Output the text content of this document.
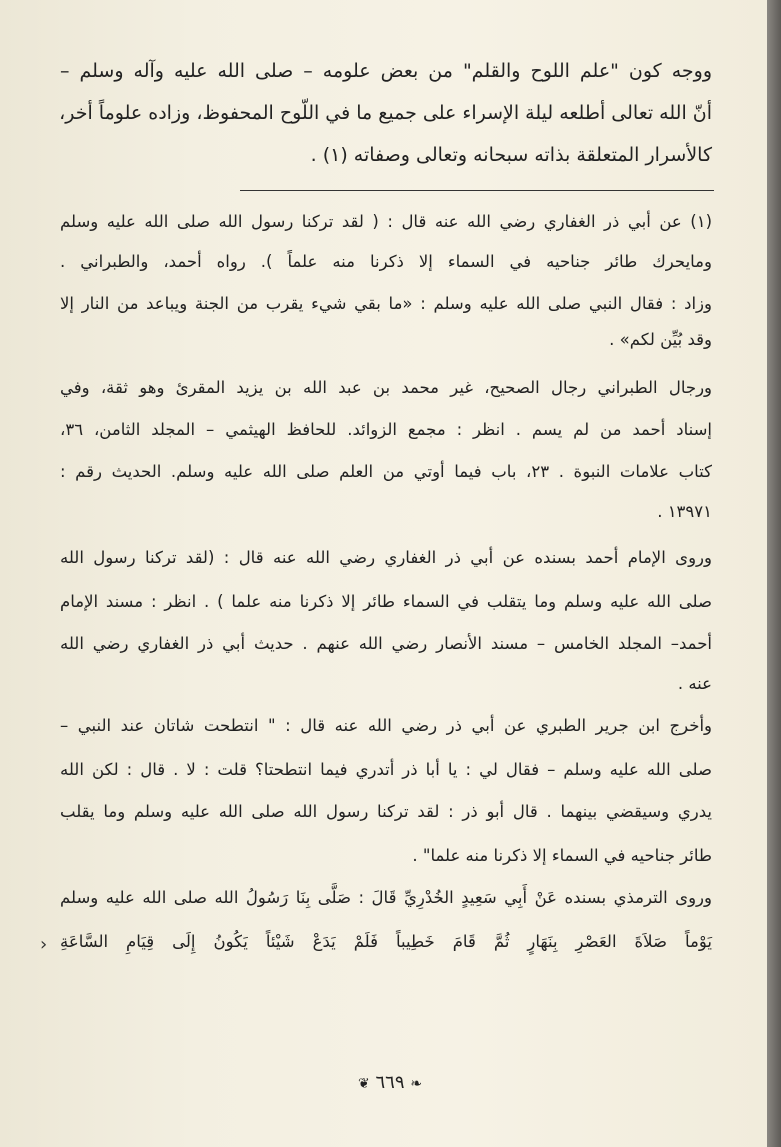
ووجه كون "علم اللوح والقلم" من بعض علومه – صلى الله عليه وآله وسلم –
أنّ الله تعالى أطلعه ليلة الإسراء على جميع ما في اللّوح المحفوظ، وزاده علوماً أخر،
كالأسرار المتعلقة بذاته سبحانه وتعالى وصفاته (١) .
(١) عن أبي ذر الغفاري رضي الله عنه قال : ( لقد تركنا رسول الله صلى الله عليه وسلم
ومايحرك طائر جناحيه في السماء إلا ذكرنا منه علماً ). رواه أحمد، والطبراني .
وزاد : فقال النبي صلى الله عليه وسلم : «ما بقي شيء يقرب من الجنة ويباعد من النار إلا
وقد بُيِّن لكم» .
ورجال الطبراني رجال الصحيح، غير محمد بن عبد الله بن يزيد المقرئ وهو ثقة، وفي
إسناد أحمد من لم يسم . انظر : مجمع الزوائد. للحافظ الهيثمي – المجلد الثامن، ٣٦،
كتاب علامات النبوة . ٢٣، باب فيما أوتي من العلم صلى الله عليه وسلم. الحديث رقم :
١٣٩٧١ .
وروى الإمام أحمد بسنده عن أبي ذر الغفاري رضي الله عنه قال : (لقد تركنا رسول الله
صلى الله عليه وسلم وما يتقلب في السماء طائر إلا ذكرنا منه علما ) . انظر : مسند الإمام
أحمد– المجلد الخامس – مسند الأنصار رضي الله عنهم . حديث أبي ذر الغفاري رضي الله
عنه .
وأخرج ابن جرير الطبري عن أبي ذر رضي الله عنه قال : " انتطحت شاتان عند النبي –
صلى الله عليه وسلم – فقال لي : يا أبا ذر أتدري فيما انتطحتا؟ قلت : لا . قال : لكن الله
يدري وسيقضي بينهما . قال أبو ذر : لقد تركنا رسول الله صلى الله عليه وسلم وما يقلب
طائر جناحيه في السماء إلا ذكرنا منه علما" .
وروى الترمذي بسنده عَنْ أَبِي سَعِيدٍ الخُدْرِيِّ قَالَ : صَلَّى بِنَا رَسُولُ الله صلى الله عليه وسلم
يَوْماً صَلاَةَ العَصْرِ بِنَهَارٍ ثُمَّ قَامَ خَطِيباً فَلَمْ يَدَعْ شَيْئاً يَكُونُ إِلَى قِيَامِ السَّاعَةِ
›
❦ ٦٦٩ ❧
